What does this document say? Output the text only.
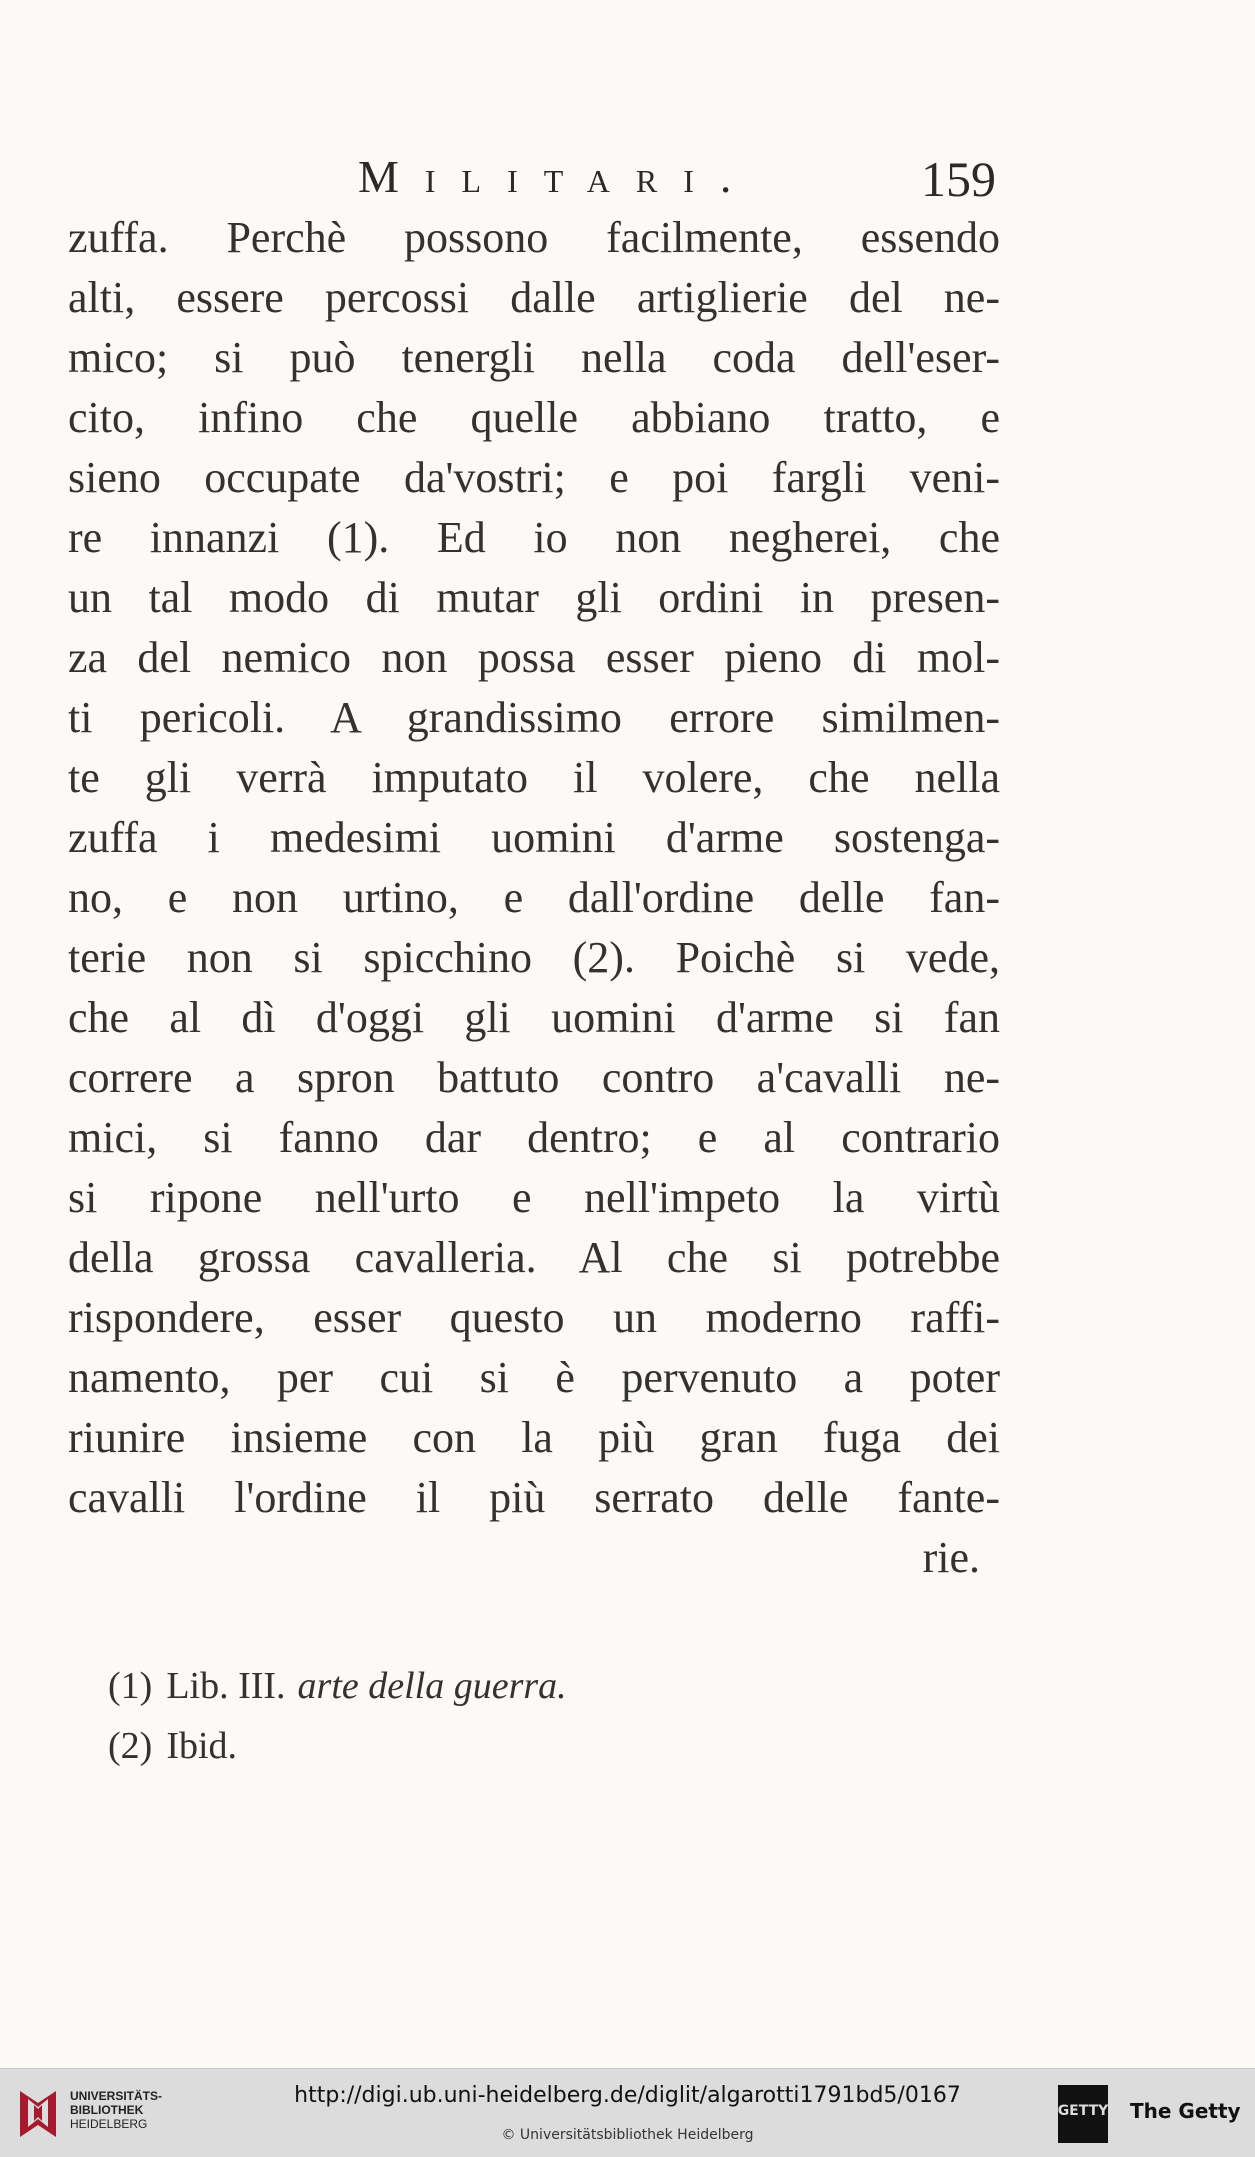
Militari.	159
zuffa. Perchè possono facilmente, essendo
alti, essere percossi dalle artiglierie del ne-
mico; si può tenergli nella coda dell'eser-
cito, infino che quelle abbiano tratto, e
sieno occupate da'vostri; e poi fargli veni-
re innanzi (1). Ed io non negherei, che
un tal modo di mutar gli ordini in presen-
za del nemico non possa esser pieno di mol-
ti pericoli. A grandissimo errore similmen-
te gli verrà imputato il volere, che nella
zuffa i medesimi uomini d'arme sostenga-
no, e non urtino, e dall'ordine delle fan-
terie non si spicchino (2). Poichè si vede,
che al dì d'oggi gli uomini d'arme si fan
correre a spron battuto contro a'cavalli ne-
mici, si fanno dar dentro; e al contrario
si ripone nell'urto e nell'impeto la virtù
della grossa cavalleria. Al che si potrebbe
rispondere, esser questo un moderno raffi-
namento, per cui si è pervenuto a poter
riunire insieme con la più gran fuga dei
cavalli l'ordine il più serrato delle fante-
rie.
(1) Lib. III. arte della guerra.
(2) Ibid.
UNIVERSITÄTS-
BIBLIOTHEK
HEIDELBERG
http://digi.ub.uni-heidelberg.de/diglit/algarotti1791bd5/0167
© Universitätsbibliothek Heidelberg
GETTY The Getty
